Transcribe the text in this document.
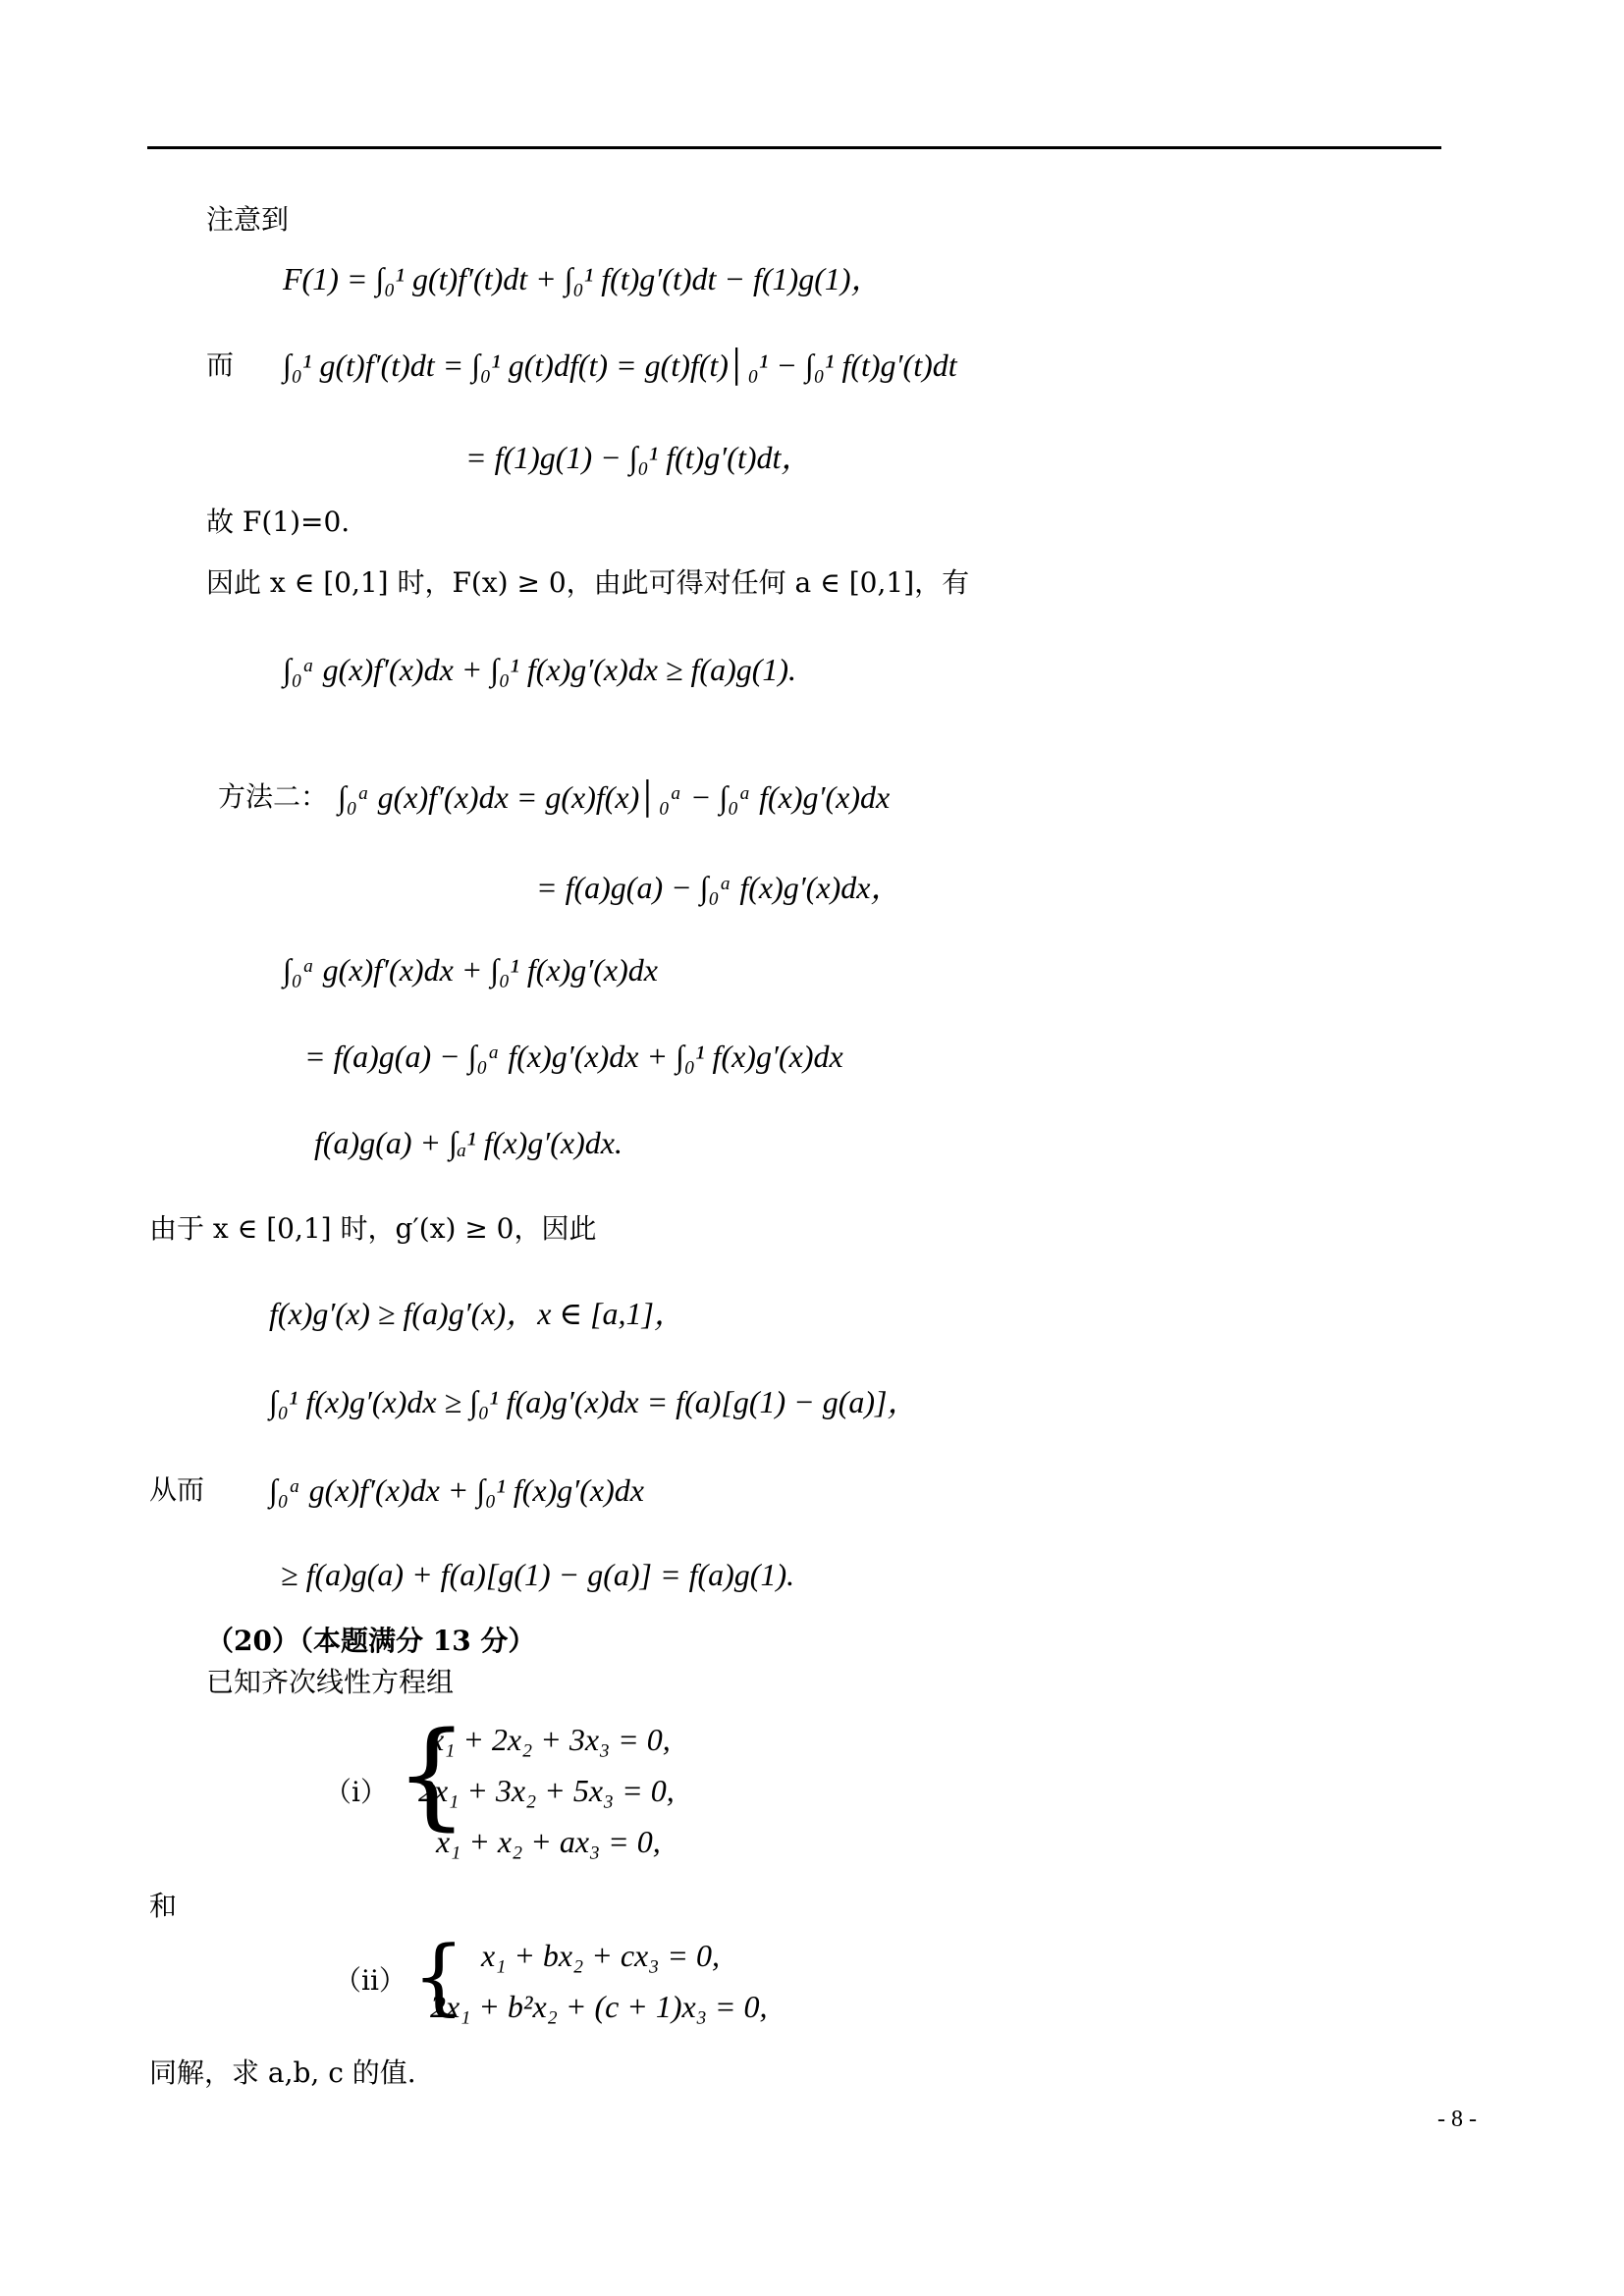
注意到
F(1) = ∫₀¹ g(t)f′(t)dt + ∫₀¹ f(t)g′(t)dt − f(1)g(1)，
而 ∫₀¹ g(t)f′(t)dt = ∫₀¹ g(t)df(t) = g(t)f(t)│₀¹ − ∫₀¹ f(t)g′(t)dt
= f(1)g(1) − ∫₀¹ f(t)g′(t)dt，
故 F(1)=0.
因此 x ∈ [0,1] 时，F(x) ≥ 0，由此可得对任何 a ∈ [0,1]，有
∫₀ᵃ g(x)f′(x)dx + ∫₀¹ f(x)g′(x)dx ≥ f(a)g(1).
方法二： ∫₀ᵃ g(x)f′(x)dx = g(x)f(x)│₀ᵃ − ∫₀ᵃ f(x)g′(x)dx
= f(a)g(a) − ∫₀ᵃ f(x)g′(x)dx，
∫₀ᵃ g(x)f′(x)dx + ∫₀¹ f(x)g′(x)dx
= f(a)g(a) − ∫₀ᵃ f(x)g′(x)dx + ∫₀¹ f(x)g′(x)dx
f(a)g(a) + ∫ₐ¹ f(x)g′(x)dx.
由于 x ∈ [0,1] 时，g′(x) ≥ 0，因此
f(x)g′(x) ≥ f(a)g′(x)，x ∈ [a,1]，
∫₀¹ f(x)g′(x)dx ≥ ∫₀¹ f(a)g′(x)dx = f(a)[g(1) − g(a)]，
从而 ∫₀ᵃ g(x)f′(x)dx + ∫₀¹ f(x)g′(x)dx
≥ f(a)g(a) + f(a)[g(1) − g(a)] = f(a)g(1).
（20）（本题满分 13 分）
已知齐次线性方程组
（i） {
x₁ + 2x₂ + 3x₃ = 0,
2x₁ + 3x₂ + 5x₃ = 0,
x₁ + x₂ + ax₃ = 0,
和
（ii） { x₁ + bx₂ + cx₃ = 0,
2x₁ + b²x₂ + (c + 1)x₃ = 0,
同解，求 a,b, c 的值.
- 8 -
